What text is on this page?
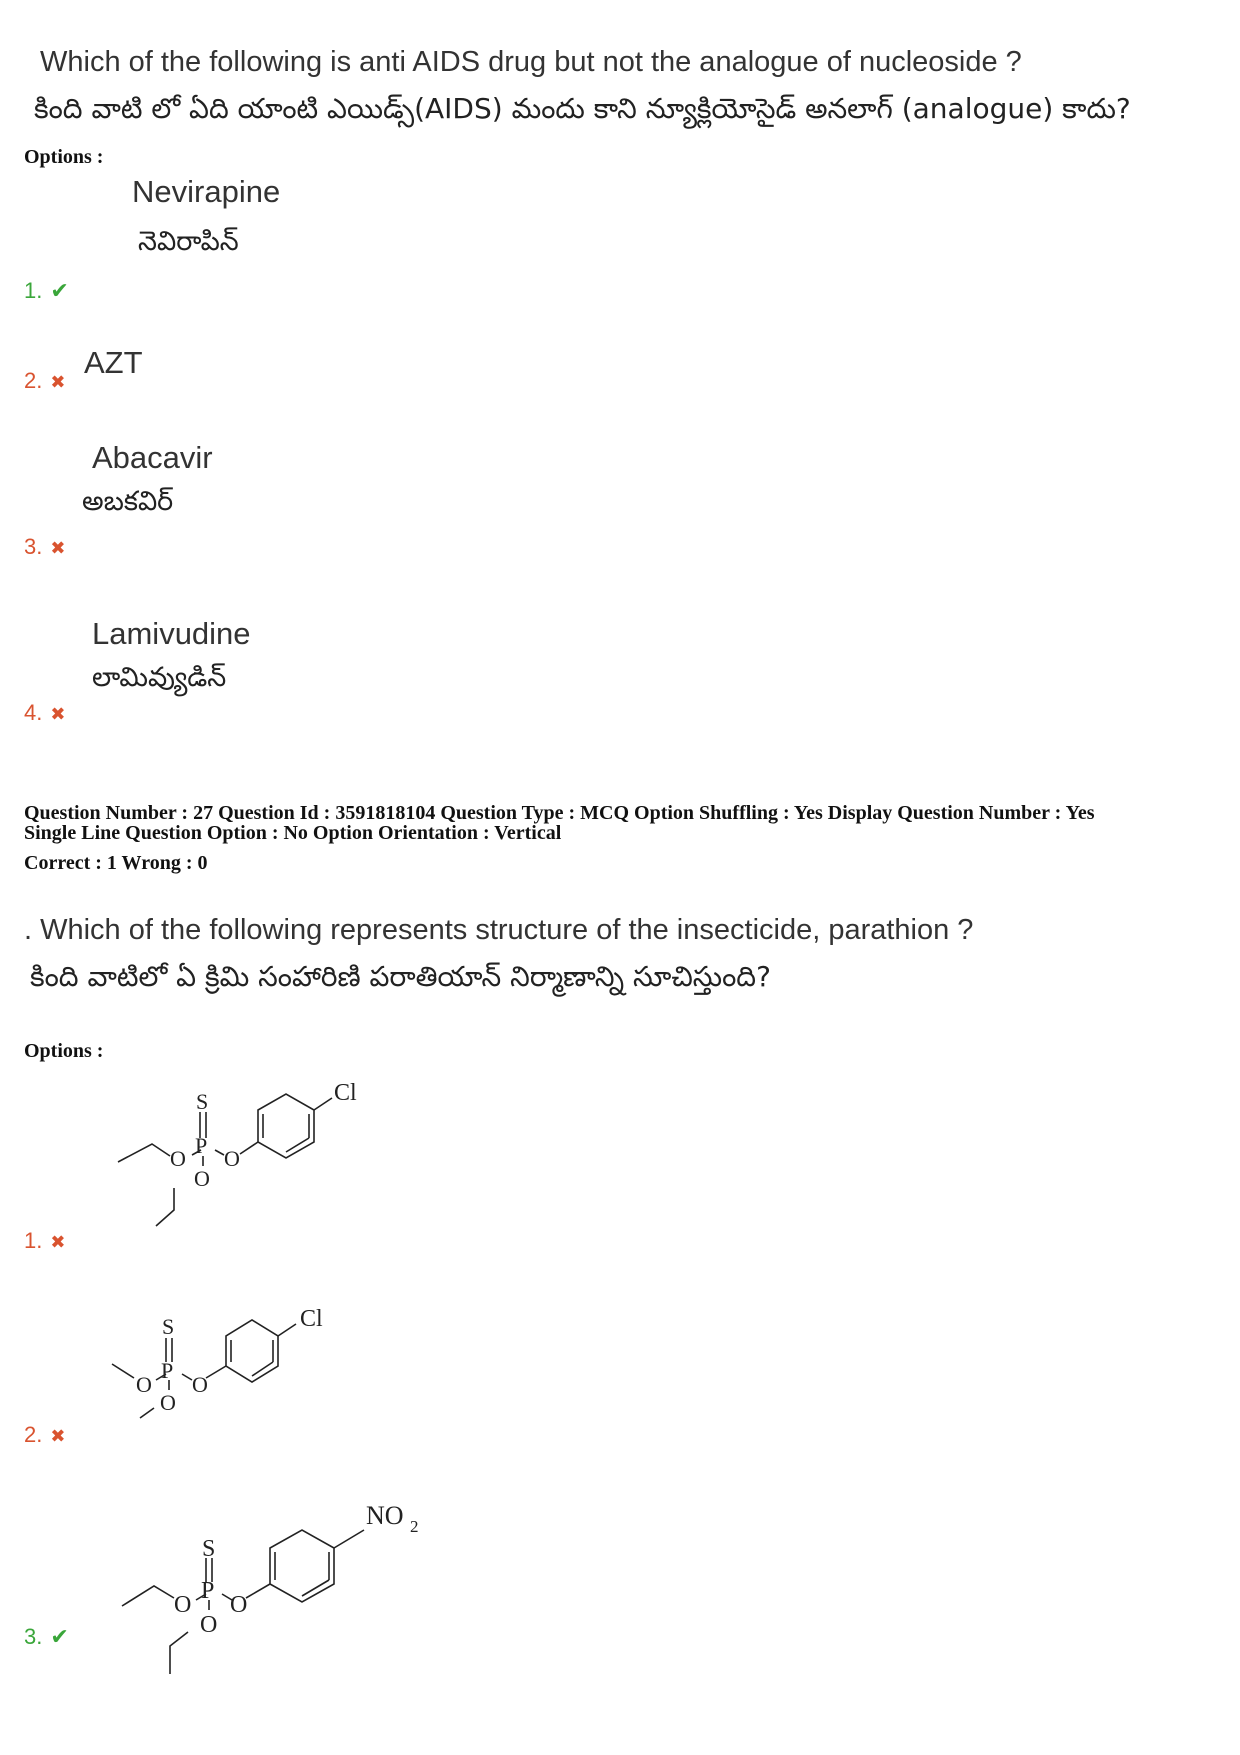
Which of the following is anti AIDS drug but not the analogue of nucleoside ?
కింది వాటి లో ఏది యాంటి ఎయిడ్స్(AIDS) మందు కాని న్యూక్లియోసైడ్ అనలాగ్ (analogue) కాదు?
Options :
Nevirapine
నెవిరాపిన్
1. ✔
2. ✖
AZT
Abacavir
అబకవిర్
3. ✖
Lamivudine
లామివ్యుడిన్
4. ✖
Question Number : 27 Question Id : 3591818104 Question Type : MCQ Option Shuffling : Yes Display Question Number : Yes
Single Line Question Option : No Option Orientation : Vertical
Correct : 1 Wrong : 0
. Which of the following represents structure of the insecticide, parathion ?
కింది వాటిలో ఏ క్రిమి సంహారిణి పరాతియాన్ నిర్మాణాన్ని సూచిస్తుంది?
Options :
S
P
O O
O
Cl
1. ✖
S
P
O O
O
Cl
2. ✖
S
P
O O
O
NO 2
3. ✔
